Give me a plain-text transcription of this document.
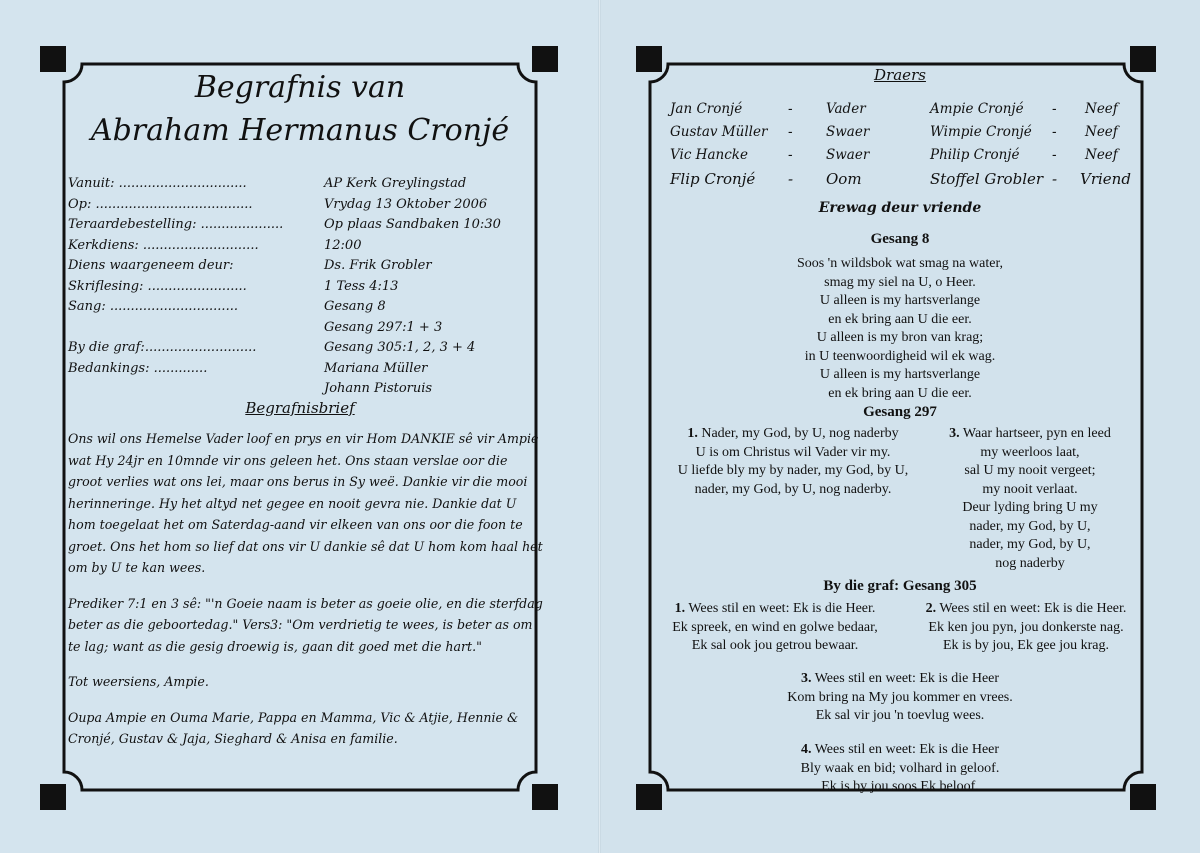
Begrafnis van
Abraham Hermanus Cronjé
Vanuit: ...............................	AP Kerk Greylingstad
Op: ......................................	Vrydag 13 Oktober 2006
Teraardebestelling: ....................	Op plaas Sandbaken 10:30
Kerkdiens: ............................	12:00
Diens waargeneem deur:	Ds. Frik Grobler
Skriflesing: ........................	1 Tess 4:13
Sang: ...............................	Gesang 8
Gesang 297:1 + 3
By die graf:...........................	Gesang 305:1, 2, 3 + 4
Bedankings: .............	Mariana Müller
Johann Pistoruis
Begrafnisbrief

Ons wil ons Hemelse Vader loof en prys en vir Hom DANKIE sê vir Ampie wat Hy 24jr en 10mnde vir ons geleen het. Ons staan verslae oor die groot verlies wat ons lei, maar ons berus in Sy weë. Dankie vir die mooi herinneringe. Hy het altyd net gegee en nooit gevra nie. Dankie dat U hom toegelaat het om Saterdag-aand vir elkeen van ons oor die foon te groet. Ons het hom so lief dat ons vir U dankie sê dat U hom kom haal het om by U te kan wees.

Prediker 7:1 en 3 sê: "'n Goeie naam is beter as goeie olie, en die sterfdag beter as die geboortedag." Vers3: "Om verdrietig te wees, is beter as om te lag; want as die gesig droewig is, gaan dit goed met die hart."

Tot weersiens, Ampie.

Oupa Ampie en Ouma Marie, Pappa en Mamma, Vic & Atjie, Hennie & Cronjé, Gustav & Jaja, Sieghard & Anisa en familie.

Draers
Jan Cronjé	- Vader	Ampie Cronjé - Neef
Gustav Müller - Swaer	Wimpie Cronjé - Neef
Vic Hancke	- Swaer	Philip Cronjé - Neef
Flip Cronjé - Oom	Stoffel Grobler - Vriend
Erewag deur vriende
Gesang 8
Soos 'n wildsbok wat smag na water,
smag my siel na U, o Heer.
U alleen is my hartsverlange
en ek bring aan U die eer.
U alleen is my bron van krag;
in U teenwoordigheid wil ek wag.
U alleen is my hartsverlange
en ek bring aan U die eer.
Gesang 297
1. Nader, my God, by U, nog naderby
U is om Christus wil Vader vir my.
U liefde bly my by nader, my God, by U,
nader, my God, by U, nog naderby.
3. Waar hartseer, pyn en leed
my weerloos laat,
sal U my nooit vergeet;
my nooit verlaat.
Deur lyding bring U my
nader, my God, by U,
nader, my God, by U,
nog naderby
By die graf: Gesang 305
1. Wees stil en weet: Ek is die Heer.
Ek spreek, en wind en golwe bedaar,
Ek sal ook jou getrou bewaar.
2. Wees stil en weet: Ek is die Heer.
Ek ken jou pyn, jou donkerste nag.
Ek is by jou, Ek gee jou krag.
3. Wees stil en weet: Ek is die Heer
Kom bring na My jou kommer en vrees.
Ek sal vir jou 'n toevlug wees.
4. Wees stil en weet: Ek is die Heer
Bly waak en bid; volhard in geloof.
Ek is by jou soos Ek beloof.
